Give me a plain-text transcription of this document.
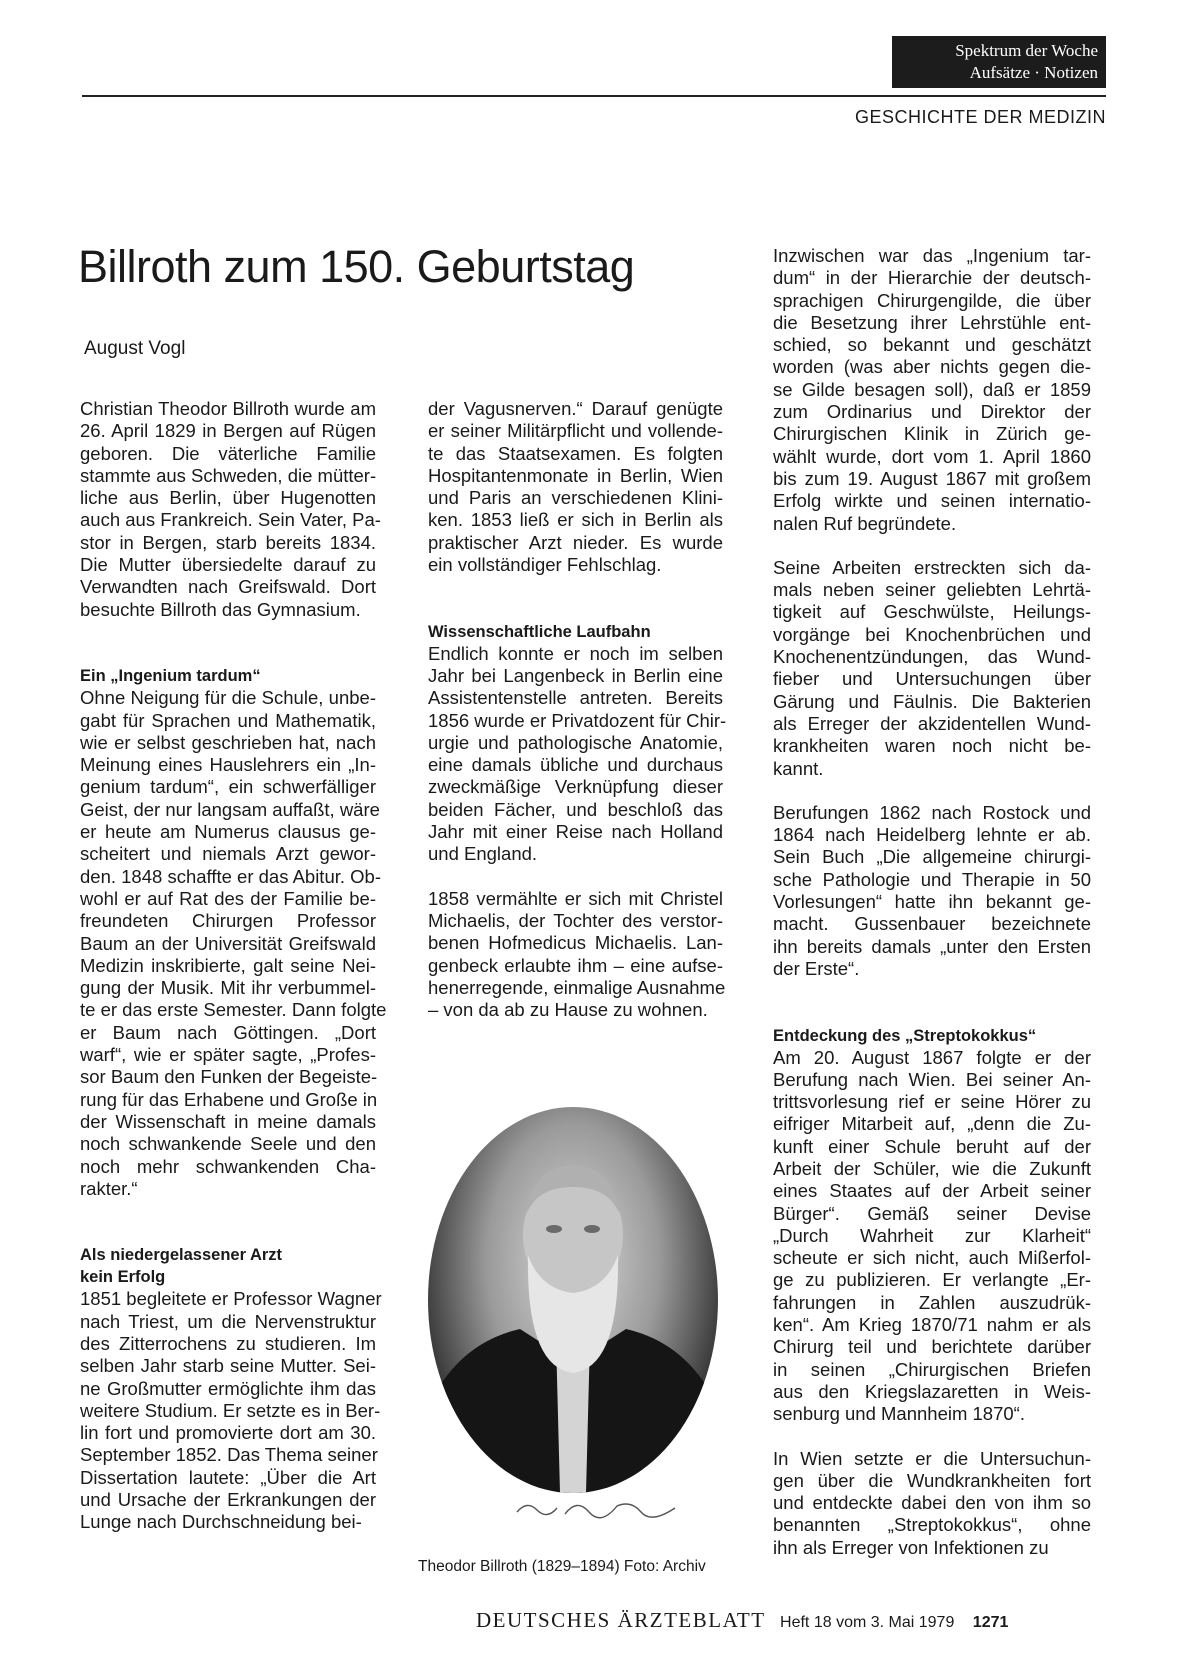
Spektrum der Woche
Aufsätze · Notizen
GESCHICHTE DER MEDIZIN
Billroth zum 150. Geburtstag
August Vogl

Christian Theodor Billroth wurde am
26. April 1829 in Bergen auf Rügen
geboren. Die väterliche Familie
stammte aus Schweden, die mütter-
liche aus Berlin, über Hugenotten
auch aus Frankreich. Sein Vater, Pa-
stor in Bergen, starb bereits 1834.
Die Mutter übersiedelte darauf zu
Verwandten nach Greifswald. Dort
besuchte Billroth das Gymnasium.

Ein „Ingenium tardum“

Ohne Neigung für die Schule, unbe-
gabt für Sprachen und Mathematik,
wie er selbst geschrieben hat, nach
Meinung eines Hauslehrers ein „In-
genium tardum“, ein schwerfälliger
Geist, der nur langsam auffaßt, wäre
er heute am Numerus clausus ge-
scheitert und niemals Arzt gewor-
den. 1848 schaffte er das Abitur. Ob-
wohl er auf Rat des der Familie be-
freundeten Chirurgen Professor
Baum an der Universität Greifswald
Medizin inskribierte, galt seine Nei-
gung der Musik. Mit ihr verbummel-
te er das erste Semester. Dann folgte
er Baum nach Göttingen. „Dort
warf“, wie er später sagte, „Profes-
sor Baum den Funken der Begeiste-
rung für das Erhabene und Große in
der Wissenschaft in meine damals
noch schwankende Seele und den
noch mehr schwankenden Cha-
rakter.“

Als niedergelassener Arzt
kein Erfolg

1851 begleitete er Professor Wagner
nach Triest, um die Nervenstruktur
des Zitterrochens zu studieren. Im
selben Jahr starb seine Mutter. Sei-
ne Großmutter ermöglichte ihm das
weitere Studium. Er setzte es in Ber-
lin fort und promovierte dort am 30.
September 1852. Das Thema seiner
Dissertation lautete: „Über die Art
und Ursache der Erkrankungen der
Lunge nach Durchschneidung bei-

der Vagusnerven.“ Darauf genügte
er seiner Militärpflicht und vollende-
te das Staatsexamen. Es folgten
Hospitantenmonate in Berlin, Wien
und Paris an verschiedenen Klini-
ken. 1853 ließ er sich in Berlin als
praktischer Arzt nieder. Es wurde
ein vollständiger Fehlschlag.

Wissenschaftliche Laufbahn

Endlich konnte er noch im selben
Jahr bei Langenbeck in Berlin eine
Assistentenstelle antreten. Bereits
1856 wurde er Privatdozent für Chir-
urgie und pathologische Anatomie,
eine damals übliche und durchaus
zweckmäßige Verknüpfung dieser
beiden Fächer, und beschloß das
Jahr mit einer Reise nach Holland
und England.

1858 vermählte er sich mit Christel
Michaelis, der Tochter des verstor-
benen Hofmedicus Michaelis. Lan-
genbeck erlaubte ihm – eine aufse-
henerregende, einmalige Ausnahme
– von da ab zu Hause zu wohnen.

Theodor Billroth (1829–1894) Foto: Archiv

Inzwischen war das „Ingenium tar-
dum“ in der Hierarchie der deutsch-
sprachigen Chirurgengilde, die über
die Besetzung ihrer Lehrstühle ent-
schied, so bekannt und geschätzt
worden (was aber nichts gegen die-
se Gilde besagen soll), daß er 1859
zum Ordinarius und Direktor der
Chirurgischen Klinik in Zürich ge-
wählt wurde, dort vom 1. April 1860
bis zum 19. August 1867 mit großem
Erfolg wirkte und seinen internatio-
nalen Ruf begründete.

Seine Arbeiten erstreckten sich da-
mals neben seiner geliebten Lehrtä-
tigkeit auf Geschwülste, Heilungs-
vorgänge bei Knochenbrüchen und
Knochenentzündungen, das Wund-
fieber und Untersuchungen über
Gärung und Fäulnis. Die Bakterien
als Erreger der akzidentellen Wund-
krankheiten waren noch nicht be-
kannt.

Berufungen 1862 nach Rostock und
1864 nach Heidelberg lehnte er ab.
Sein Buch „Die allgemeine chirurgi-
sche Pathologie und Therapie in 50
Vorlesungen“ hatte ihn bekannt ge-
macht. Gussenbauer bezeichnete
ihn bereits damals „unter den Ersten
der Erste“.

Entdeckung des „Streptokokkus“

Am 20. August 1867 folgte er der
Berufung nach Wien. Bei seiner An-
trittsvorlesung rief er seine Hörer zu
eifriger Mitarbeit auf, „denn die Zu-
kunft einer Schule beruht auf der
Arbeit der Schüler, wie die Zukunft
eines Staates auf der Arbeit seiner
Bürger“. Gemäß seiner Devise
„Durch Wahrheit zur Klarheit“
scheute er sich nicht, auch Mißerfol-
ge zu publizieren. Er verlangte „Er-
fahrungen in Zahlen auszudrük-
ken“. Am Krieg 1870/71 nahm er als
Chirurg teil und berichtete darüber
in seinen „Chirurgischen Briefen
aus den Kriegslazaretten in Weis-
senburg und Mannheim 1870“.

In Wien setzte er die Untersuchun-
gen über die Wundkrankheiten fort
und entdeckte dabei den von ihm so
benannten „Streptokokkus“, ohne
ihn als Erreger von Infektionen zu

DEUTSCHES ÄRZTEBLATT Heft 18 vom 3. Mai 1979 1271
